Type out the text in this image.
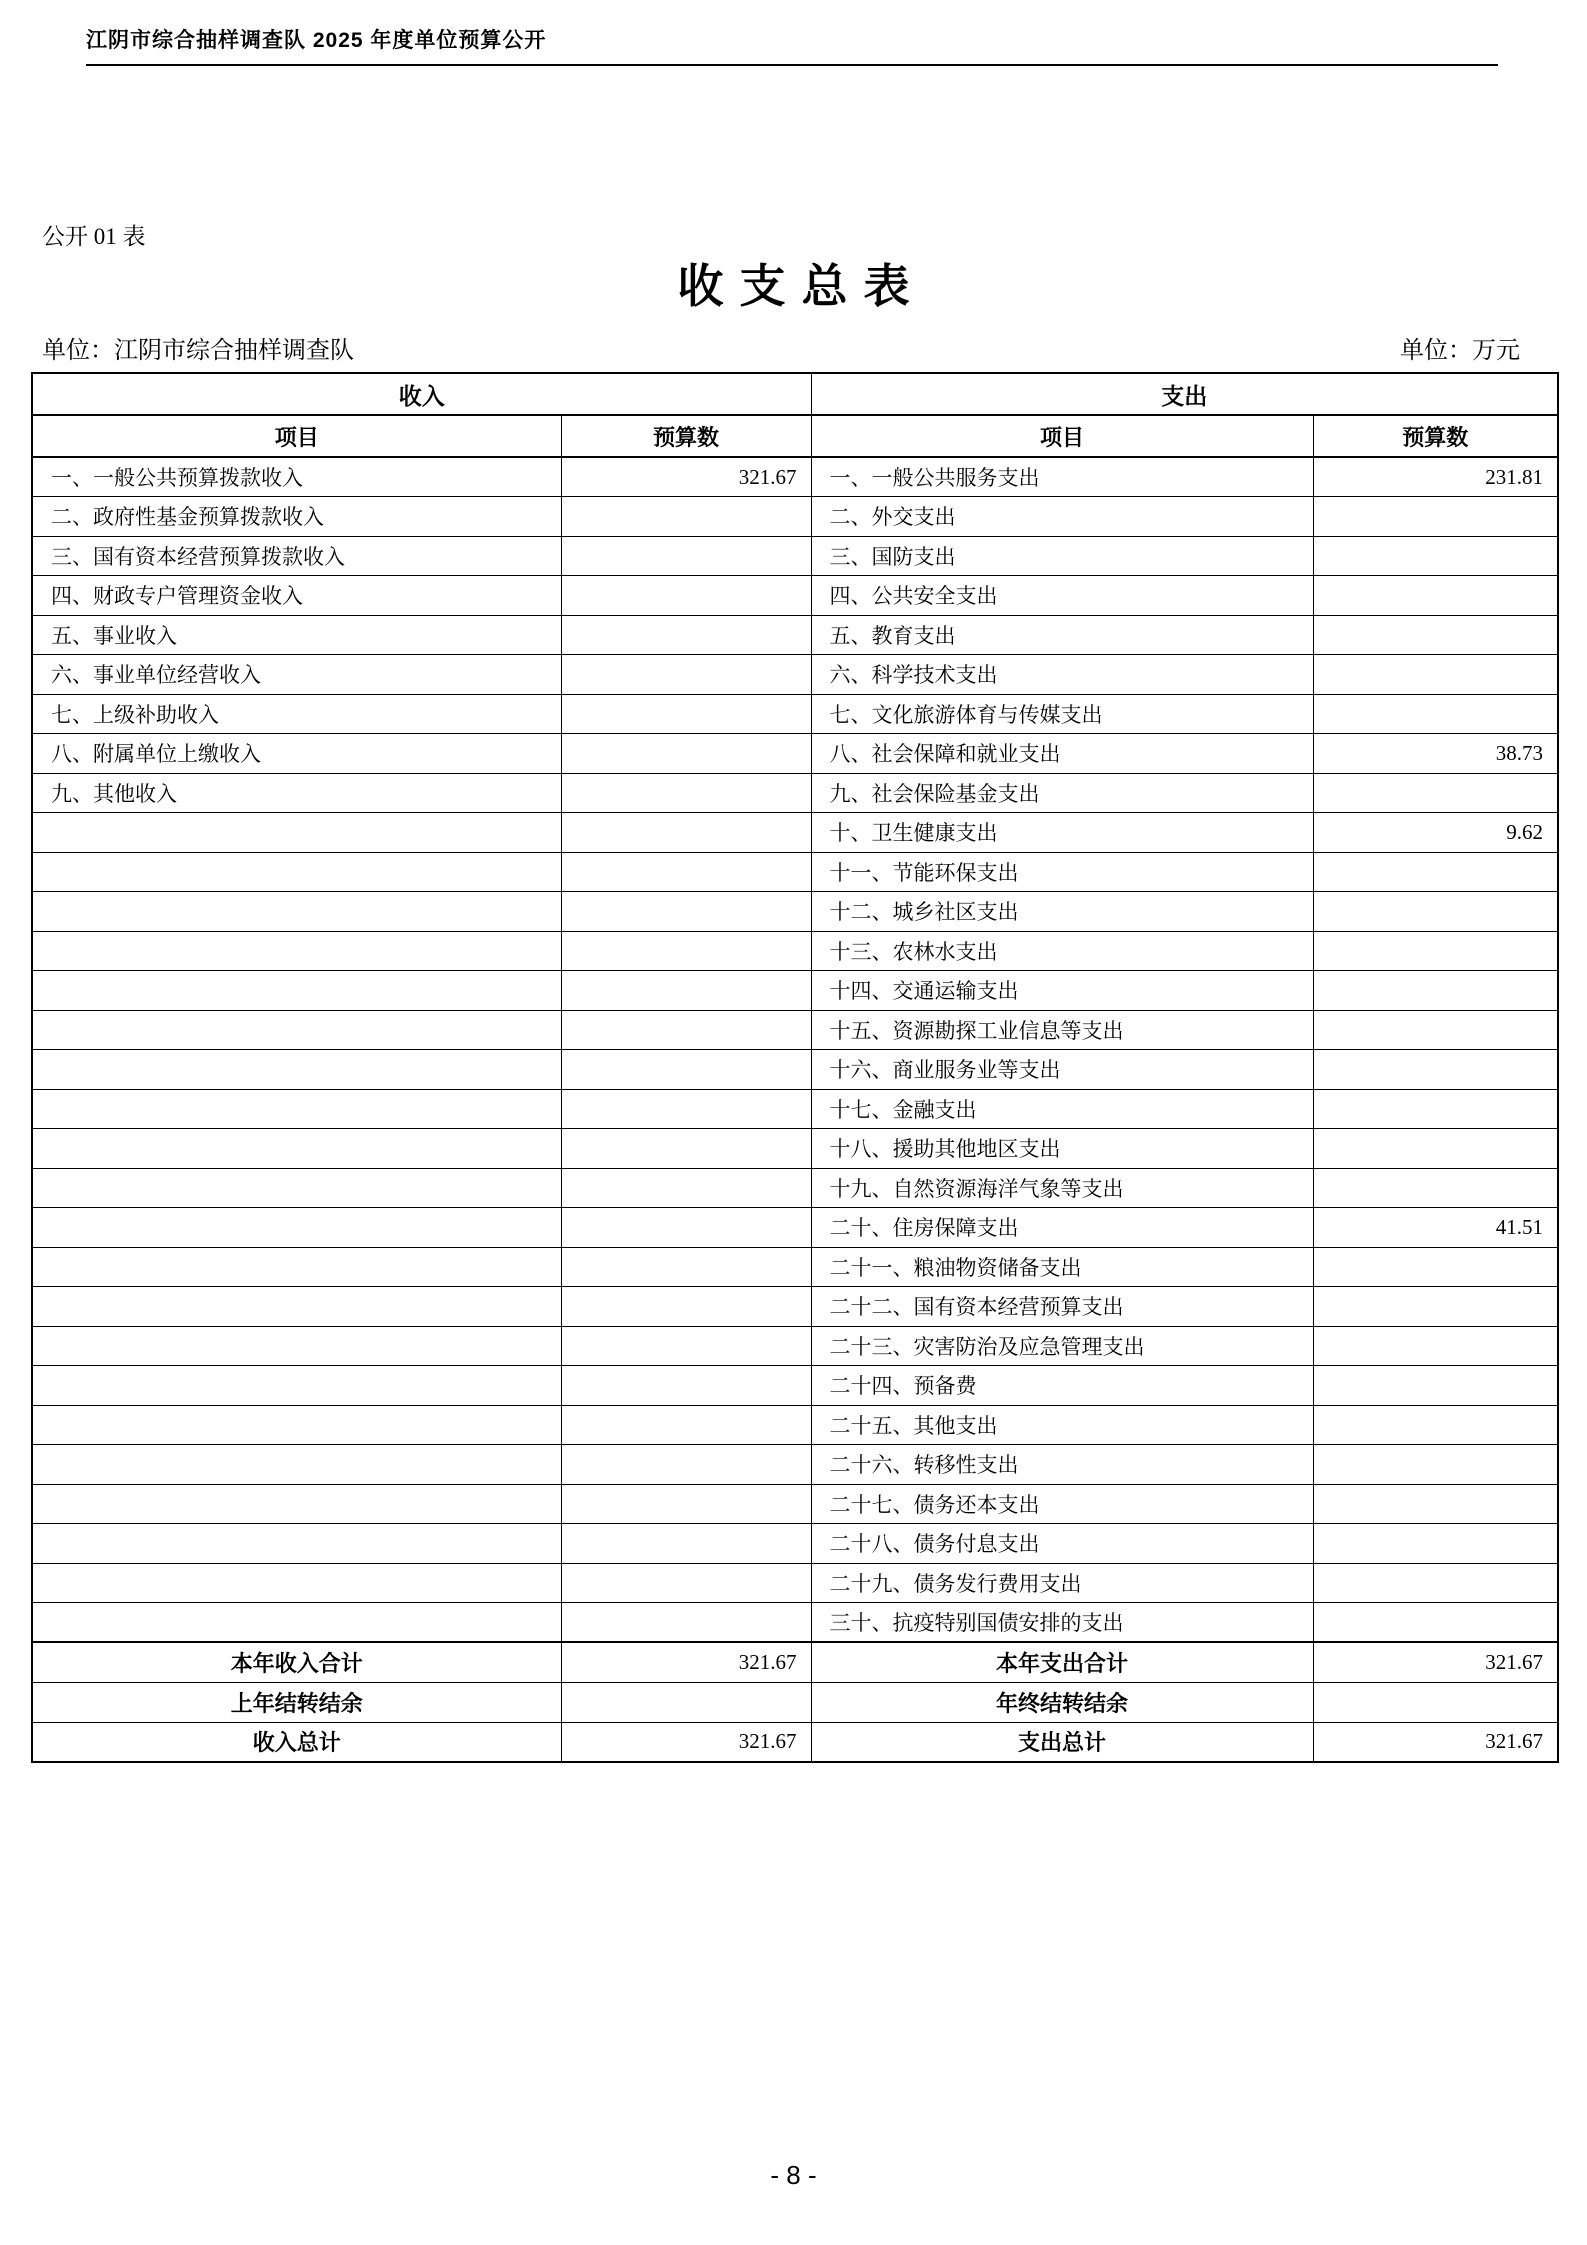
江阴市综合抽样调查队 2025 年度单位预算公开
公开 01 表
收支总表
单位：江阴市综合抽样调查队	单位：万元
收入		支出	
项目	预算数	项目	预算数
一、一般公共预算拨款收入	321.67	一、一般公共服务支出	231.81
二、政府性基金预算拨款收入		二、外交支出	
三、国有资本经营预算拨款收入		三、国防支出	
四、财政专户管理资金收入		四、公共安全支出	
五、事业收入		五、教育支出	
六、事业单位经营收入		六、科学技术支出	
七、上级补助收入		七、文化旅游体育与传媒支出	
八、附属单位上缴收入		八、社会保障和就业支出	38.73
九、其他收入		九、社会保险基金支出	
		十、卫生健康支出	9.62
		十一、节能环保支出	
		十二、城乡社区支出	
		十三、农林水支出	
		十四、交通运输支出	
		十五、资源勘探工业信息等支出	
		十六、商业服务业等支出	
		十七、金融支出	
		十八、援助其他地区支出	
		十九、自然资源海洋气象等支出	
		二十、住房保障支出	41.51
		二十一、粮油物资储备支出	
		二十二、国有资本经营预算支出	
		二十三、灾害防治及应急管理支出	
		二十四、预备费	
		二十五、其他支出	
		二十六、转移性支出	
		二十七、债务还本支出	
		二十八、债务付息支出	
		二十九、债务发行费用支出	
		三十、抗疫特别国债安排的支出	
本年收入合计	321.67	本年支出合计	321.67
上年结转结余		年终结转结余	
收入总计	321.67	支出总计	321.67
- 8 -
